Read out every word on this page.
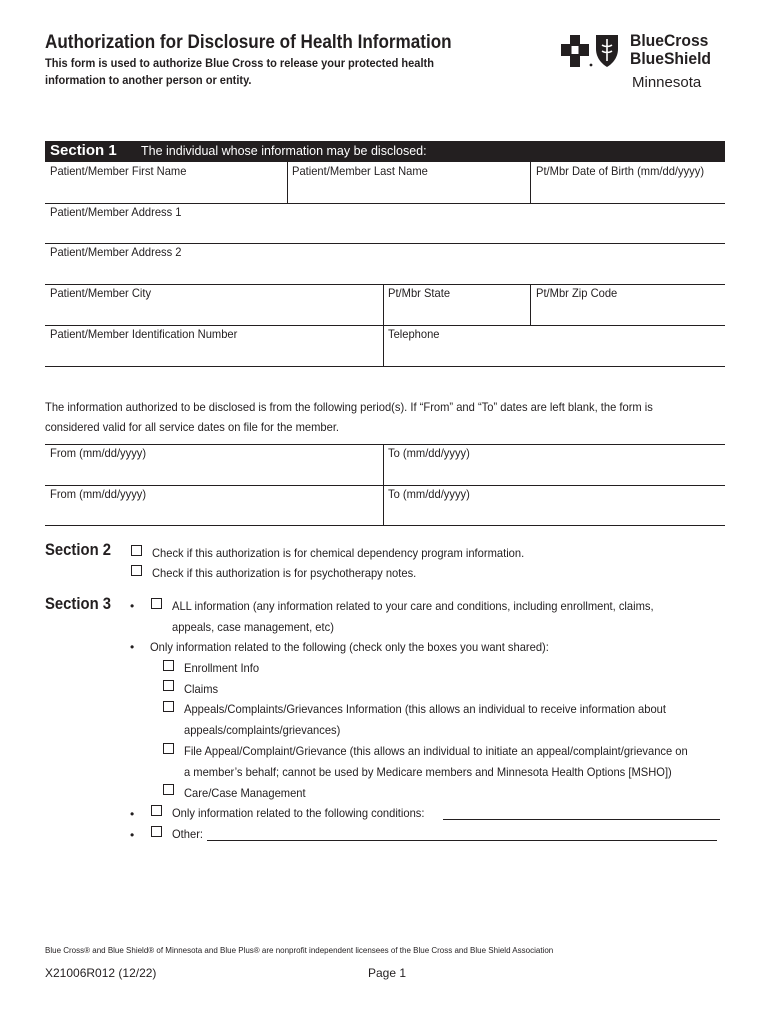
Authorization for Disclosure of Health Information
This form is used to authorize Blue Cross to release your protected health
information to another person or entity.
BlueCross
BlueShield
Minnesota
Section 1 The individual whose information may be disclosed:
Patient/Member First Name	Patient/Member Last Name	Pt/Mbr Date of Birth (mm/dd/yyyy)
Patient/Member Address 1
Patient/Member Address 2
Patient/Member City	Pt/Mbr State	Pt/Mbr Zip Code
Patient/Member Identification Number	Telephone
The information authorized to be disclosed is from the following period(s). If “From” and “To” dates are left blank, the form is
considered valid for all service dates on file for the member.
From (mm/dd/yyyy)	To (mm/dd/yyyy)
From (mm/dd/yyyy)	To (mm/dd/yyyy)
Section 2	Check if this authorization is for chemical dependency program information.
Check if this authorization is for psychotherapy notes.
Section 3 •	ALL information (any information related to your care and conditions, including enrollment, claims,
appeals, case management, etc)
• Only information related to the following (check only the boxes you want shared):
Enrollment Info
Claims
Appeals/Complaints/Grievances Information (this allows an individual to receive information about
appeals/complaints/grievances)
File Appeal/Complaint/Grievance (this allows an individual to initiate an appeal/complaint/grievance on
a member’s behalf; cannot be used by Medicare members and Minnesota Health Options [MSHO])
Care/Case Management
•	Only information related to the following conditions:
•	Other:
Blue Cross® and Blue Shield® of Minnesota and Blue Plus® are nonprofit independent licensees of the Blue Cross and Blue Shield Association
X21006R012 (12/22)	Page 1
